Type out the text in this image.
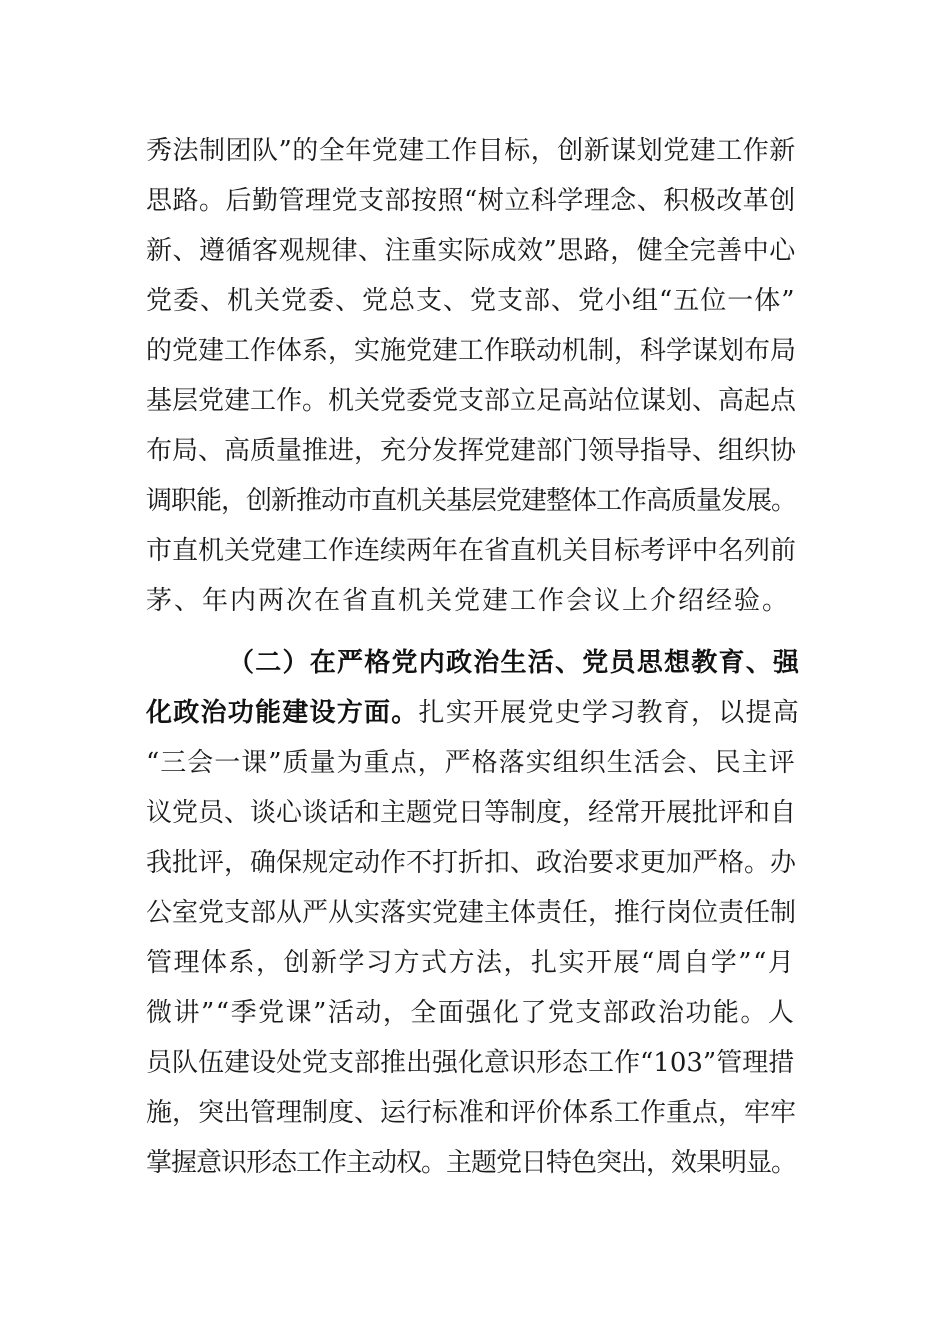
秀法制团队”的全年党建工作目标，创新谋划党建工作新
思路。后勤管理党支部按照“树立科学理念、积极改革创
新、遵循客观规律、注重实际成效”思路，健全完善中心
党委、机关党委、党总支、党支部、党小组“五位一体”
的党建工作体系，实施党建工作联动机制，科学谋划布局
基层党建工作。机关党委党支部立足高站位谋划、高起点
布局、高质量推进，充分发挥党建部门领导指导、组织协
调职能，创新推动市直机关基层党建整体工作高质量发展。
市直机关党建工作连续两年在省直机关目标考评中名列前
茅、年内两次在省直机关党建工作会议上介绍经验。
（二）在严格党内政治生活、党员思想教育、强
化政治功能建设方面。扎实开展党史学习教育，以提高
“三会一课”质量为重点，严格落实组织生活会、民主评
议党员、谈心谈话和主题党日等制度，经常开展批评和自
我批评，确保规定动作不打折扣、政治要求更加严格。办
公室党支部从严从实落实党建主体责任，推行岗位责任制
管理体系，创新学习方式方法，扎实开展“周自学”“月
微讲”“季党课”活动，全面强化了党支部政治功能。人
员队伍建设处党支部推出强化意识形态工作“103”管理措
施，突出管理制度、运行标准和评价体系工作重点，牢牢
掌握意识形态工作主动权。主题党日特色突出，效果明显。
